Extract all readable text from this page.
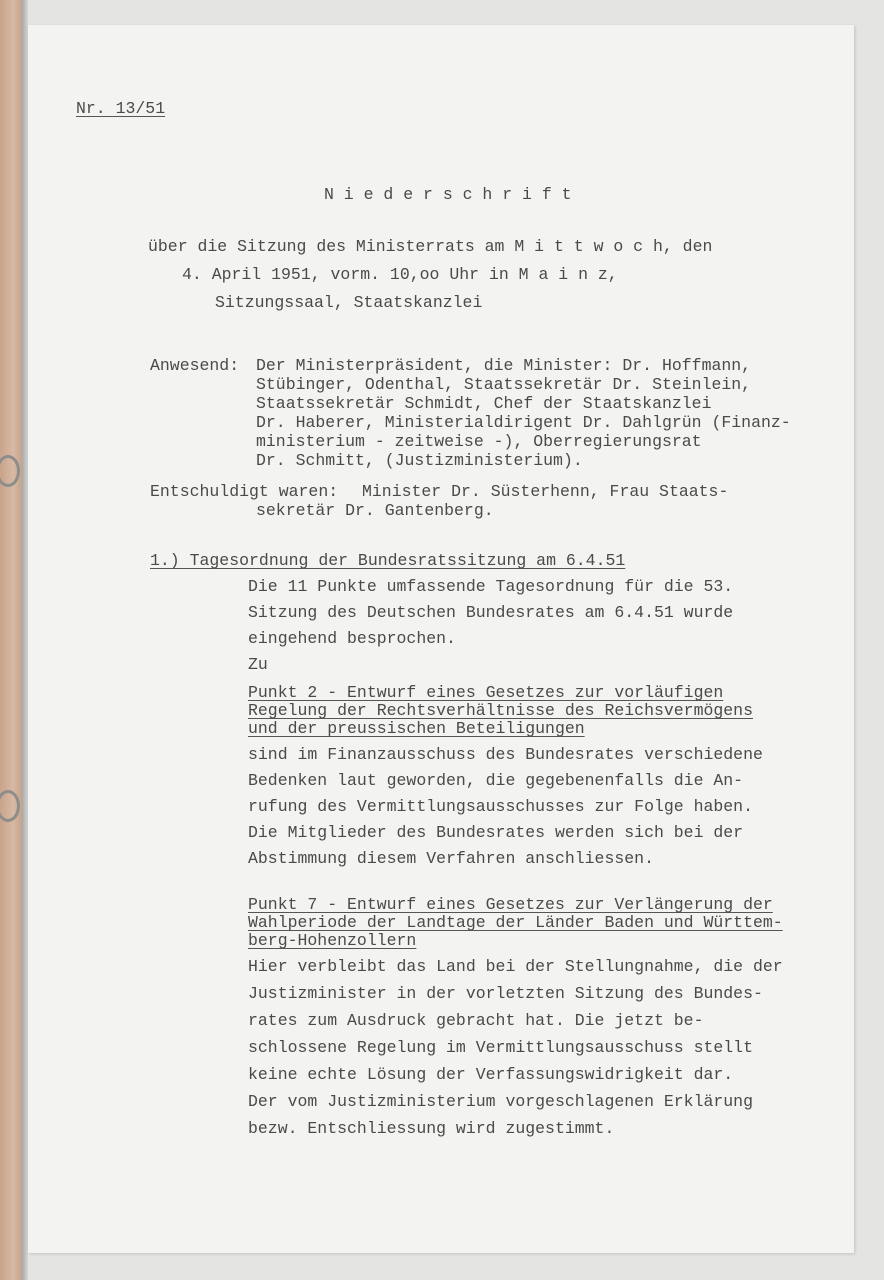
Nr. 13/51

N i e d e r s c h r i f t

über die Sitzung des Ministerrats am M i t t w o c h, den

4. April 1951, vorm. 10,oo Uhr in M a i n z,

Sitzungssaal, Staatskanzlei

Anwesend: Der Ministerpräsident, die Minister: Dr. Hoffmann,

Stübinger, Odenthal, Staatssekretär Dr. Steinlein,

Staatssekretär Schmidt, Chef der Staatskanzlei

Dr. Haberer, Ministerialdirigent Dr. Dahlgrün (Finanz-

ministerium - zeitweise -), Oberregierungsrat

Dr. Schmitt, (Justizministerium).

Entschuldigt waren: Minister Dr. Süsterhenn, Frau Staats-

sekretär Dr. Gantenberg.

1.) Tagesordnung der Bundesratssitzung am 6.4.51

Die 11 Punkte umfassende Tagesordnung für die 53.

Sitzung des Deutschen Bundesrates am 6.4.51 wurde

eingehend besprochen.

Zu

Punkt 2 - Entwurf eines Gesetzes zur vorläufigen

Regelung der Rechtsverhältnisse des Reichsvermögens

und der preussischen Beteiligungen

sind im Finanzausschuss des Bundesrates verschiedene

Bedenken laut geworden, die gegebenenfalls die An-

rufung des Vermittlungsausschusses zur Folge haben.

Die Mitglieder des Bundesrates werden sich bei der

Abstimmung diesem Verfahren anschliessen.

Punkt 7 - Entwurf eines Gesetzes zur Verlängerung der

Wahlperiode der Landtage der Länder Baden und Württem-

berg-Hohenzollern

Hier verbleibt das Land bei der Stellungnahme, die der

Justizminister in der vorletzten Sitzung des Bundes-

rates zum Ausdruck gebracht hat. Die jetzt be-

schlossene Regelung im Vermittlungsausschuss stellt

keine echte Lösung der Verfassungswidrigkeit dar.

Der vom Justizministerium vorgeschlagenen Erklärung

bezw. Entschliessung wird zugestimmt.
